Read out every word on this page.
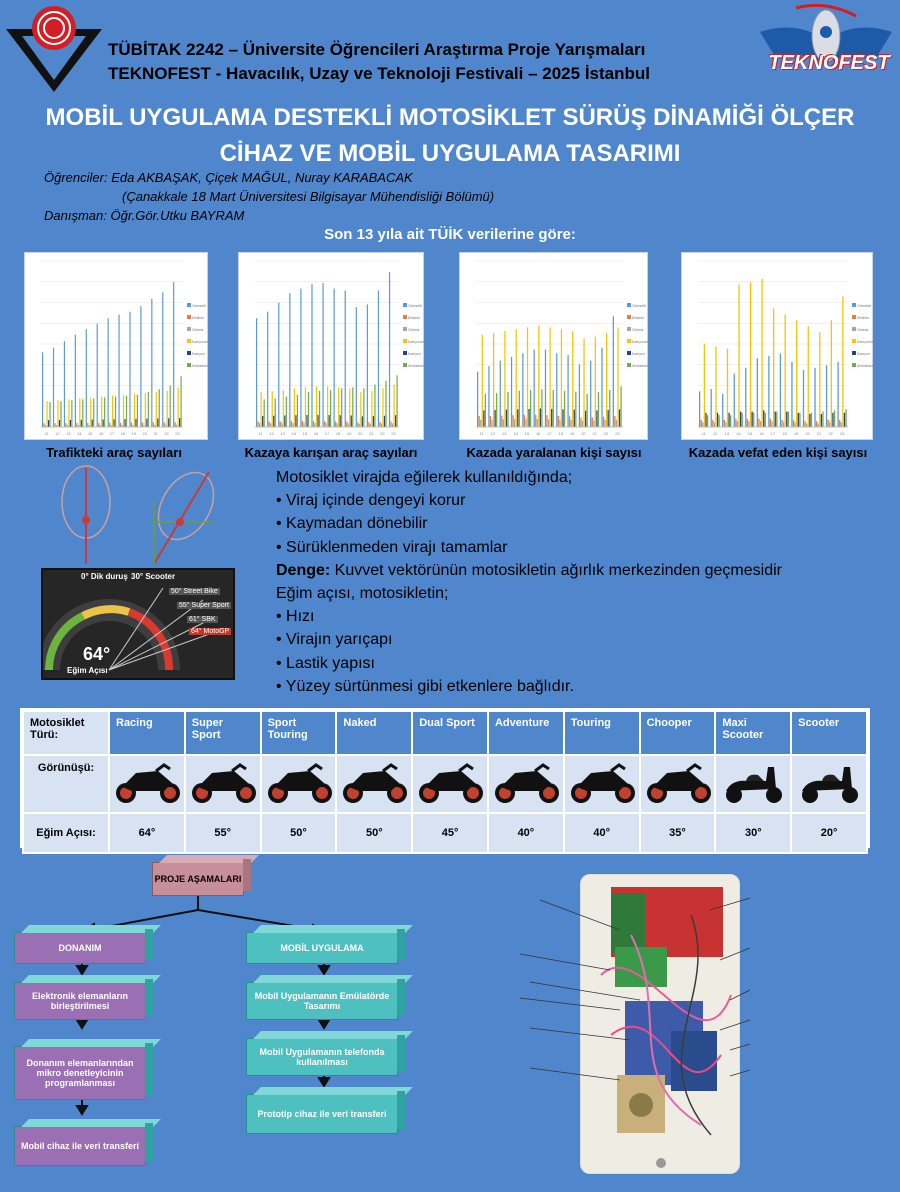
TÜBİTAK 2242 – Üniversite Öğrencileri Araştırma Proje Yarışmaları
TEKNOFEST - Havacılık, Uzay ve Teknoloji Festivali – 2025 İstanbul	TEKNOFEST
MOBİL UYGULAMA DESTEKLİ MOTOSİKLET SÜRÜŞ DİNAMİĞİ ÖLÇER
CİHAZ VE MOBİL UYGULAMA TASARIMI
Öğrenciler: Eda AKBAŞAK, Çiçek MAĞUL, Nuray KARABACAK
(Çanakkale 18 Mart Üniversitesi Bilgisayar Mühendisliği Bölümü)
Danışman: Öğr.Gör.Utku BAYRAM
Son 13 yıla ait TÜİK verilerine göre:
Otomobil
Minibüs
Otobüs
Kamyonet
Kamyon
Motosiklet
11 12 13 14 15 16 17 18 19 20 21 22 23
Otomobil
Minibüs
Otobüs
Kamyonet
Kamyon
Motosiklet
11 12 13 14 15 16 17 18 19 20 21 22 23
Otomobil
Minibüs
Otobüs
Kamyonet
Kamyon
Motosiklet
11 12 13 14 15 16 17 18 19 20 21 22 23
Otomobil
Minibüs
Otobüs
Kamyonet
Kamyon
Motosiklet
11 12 13 14 15 16 17 18 19 20 21 22 23
Trafikteki araç sayıları	Kazaya karışan araç sayıları	Kazada yaralanan kişi sayısı	Kazada vefat eden kişi sayısı
0° Dik duruş 30° Scooter
50° Street Bike
55° Super Sport
61° SBK
64° MotoGP
64°
Eğim Açısı
Motosiklet virajda eğilerek kullanıldığında;
• Viraj içinde dengeyi korur
• Kaymadan dönebilir
• Sürüklenmeden virajı tamamlar
Denge: Kuvvet vektörünün motosikletin ağırlık merkezinden geçmesidir
Eğim açısı, motosikletin;
• Hızı
• Virajın yarıçapı
• Lastik yapısı
• Yüzey sürtünmesi gibi etkenlere bağlıdır.
Motosiklet Türü:	Racing	Super Sport	Sport Touring	Naked	Dual Sport	Adventure	Touring	Chooper	Maxi Scooter	Scooter
Görünüşü:										
Eğim Açısı:	64°	55°	50°	50°	45°	40°	40°	35°	30°	20°
PROJE AŞAMALARI
DONANIM
Elektronik elemanların birleştirilmesi
Donanım elemanlarından mikro denetleyicinin programlanması
Mobil cihaz ile veri transferi
MOBİL UYGULAMA
Mobil Uygulamanın Emülatörde Tasarımı
Mobil Uygulamanın telefonda kullanılması
Prototip cihaz ile veri transferi
